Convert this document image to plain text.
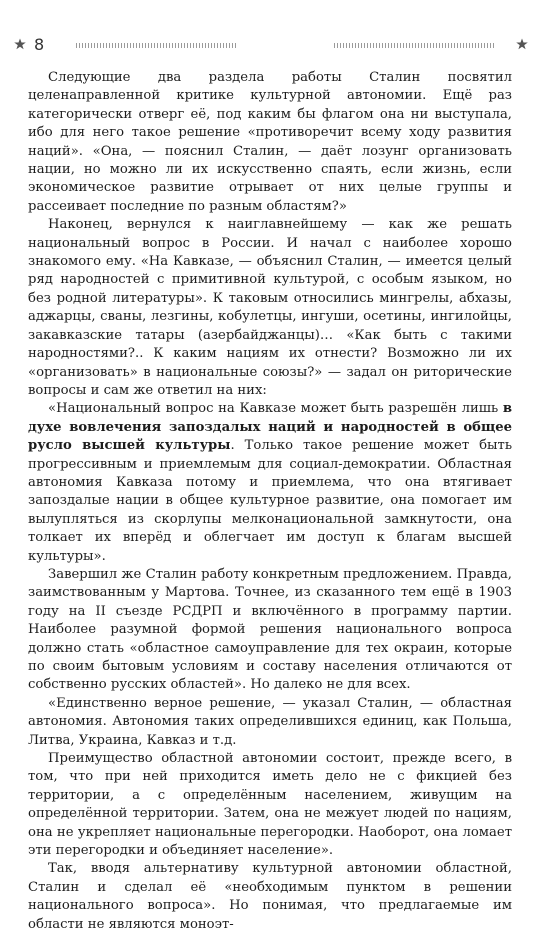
8

Следующие два раздела работы Сталин посвятил целенаправленной критике культурной автономии. Ещё раз категорически отверг её, под каким бы флагом она ни выступала, ибо для него такое решение «противоречит всему ходу развития наций». «Она, — пояснил Сталин, — даёт лозунг организовать нации, но можно ли их искусственно спаять, если жизнь, если экономическое развитие отрывает от них целые группы и рассеивает последние по разным областям?»

Наконец, вернулся к наиглавнейшему — как же решать национальный вопрос в России. И начал с наиболее хорошо знакомого ему. «На Кавказе, — объяснил Сталин, — имеется целый ряд народностей с примитивной культурой, с особым языком, но без родной литературы». К таковым относились мингрелы, абхазы, аджарцы, сваны, лезгины, кобулетцы, ингуши, осетины, ингилойцы, закавказские татары (азербайджанцы)… «Как быть с такими народностями?.. К каким нациям их отнести? Возможно ли их «организовать» в национальные союзы?» — задал он риторические вопросы и сам же ответил на них:

«Национальный вопрос на Кавказе может быть разрешён лишь в духе вовлечения запоздалых наций и народностей в общее русло высшей культуры. Только такое решение может быть прогрессивным и приемлемым для социал-демократии. Областная автономия Кавказа потому и приемлема, что она втягивает запоздалые нации в общее культурное развитие, она помогает им вылупляться из скорлупы мелконациональной замкнутости, она толкает их вперёд и облегчает им доступ к благам высшей культуры».

Завершил же Сталин работу конкретным предложением. Правда, заимствованным у Мартова. Точнее, из сказанного тем ещё в 1903 году на II съезде РСДРП и включённого в программу партии. Наиболее разумной формой решения национального вопроса должно стать «областное самоуправление для тех окраин, которые по своим бытовым условиям и составу населения отличаются от собственно русских областей». Но далеко не для всех.

«Единственно верное решение, — указал Сталин, — областная автономия. Автономия таких определившихся единиц, как Польша, Литва, Украина, Кавказ и т.д.

Преимущество областной автономии состоит, прежде всего, в том, что при ней приходится иметь дело не с фикцией без территории, а с определённым населением, живущим на определённой территории. Затем, она не межует людей по нациям, она не укрепляет национальные перегородки. Наоборот, она ломает эти перегородки и объединяет население».

Так, вводя альтернативу культурной автономии областной, Сталин и сделал её «необходимым пунктом в решении национального вопроса». Но понимая, что предлагаемые им области не являются моноэт-
